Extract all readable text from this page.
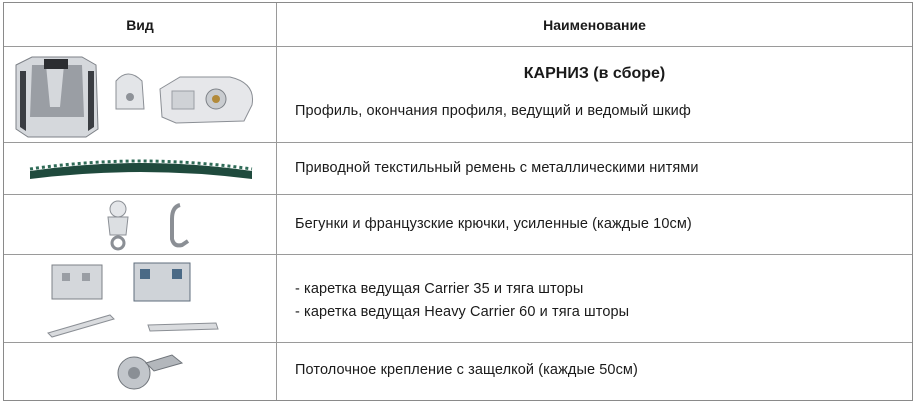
Вид	Наименование
КАРНИЗ (в сборе)
Профиль, окончания профиля, ведущий и ведомый шкиф
Приводной текстильный ремень с металлическими нитями
Бегунки и французские крючки, усиленные (каждые 10см)
- каретка ведущая Carrier 35 и тяга шторы
- каретка ведущая Heavy Carrier 60 и тяга шторы
Потолочное крепление с защелкой (каждые 50см)
